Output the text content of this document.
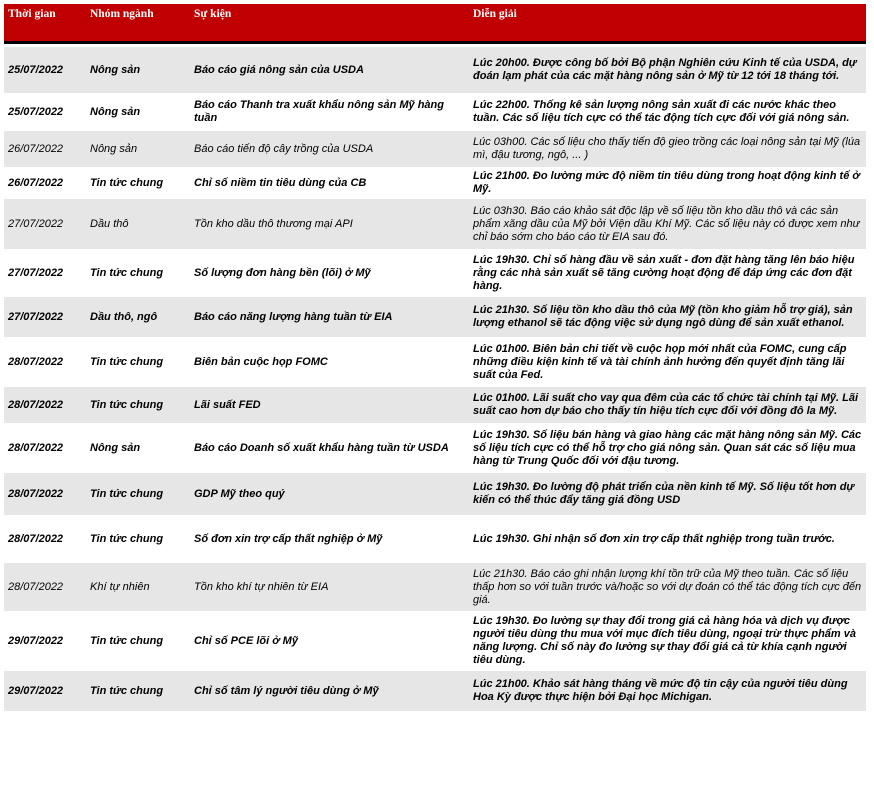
Thời gian	Nhóm ngành	Sự kiện	Diễn giải

25/07/2022	Nông sản	Báo cáo giá nông sản của USDA	Lúc 20h00. Được công bố bởi Bộ phận Nghiên cứu Kinh tế của USDA, dự đoán lạm phát của các mặt hàng nông sản ở Mỹ từ 12 tới 18 tháng tới.
25/07/2022	Nông sản	Báo cáo Thanh tra xuất khẩu nông sản Mỹ hàng tuần	Lúc 22h00. Thống kê sản lượng nông sản xuất đi các nước khác theo tuần. Các số liệu tích cực có thể tác động tích cực đối với giá nông sản.
26/07/2022	Nông sản	Báo cáo tiến độ cây trồng của USDA	Lúc 03h00. Các số liệu cho thấy tiến độ gieo trồng các loại nông sản tại Mỹ (lúa mì, đậu tương, ngô, ... )
26/07/2022	Tin tức chung	Chỉ số niềm tin tiêu dùng của CB	Lúc 21h00. Đo lường mức độ niềm tin tiêu dùng trong hoạt động kinh tế ở Mỹ.
27/07/2022	Dầu thô	Tồn kho dầu thô thương mại API	Lúc 03h30. Báo cáo khảo sát độc lập về số liệu tồn kho dầu thô và các sản phẩm xăng dầu của Mỹ bởi Viện dầu Khí Mỹ. Các số liệu này có được xem như chỉ báo sớm cho báo cáo từ EIA sau đó.
27/07/2022	Tin tức chung	Số lượng đơn hàng bền (lõi) ở Mỹ	Lúc 19h30. Chỉ số hàng đầu về sản xuất - đơn đặt hàng tăng lên báo hiệu rằng các nhà sản xuất sẽ tăng cường hoạt động để đáp ứng các đơn đặt hàng.
27/07/2022	Dầu thô, ngô	Báo cáo năng lượng hàng tuần từ EIA	Lúc 21h30. Số liệu tồn kho dầu thô của Mỹ (tồn kho giảm hỗ trợ giá), sản lượng ethanol sẽ tác động việc sử dụng ngô dùng để sản xuất ethanol.
28/07/2022	Tin tức chung	Biên bản cuộc họp FOMC	Lúc 01h00. Biên bản chi tiết về cuộc họp mới nhất của FOMC, cung cấp những điều kiện kinh tế và tài chính ảnh hưởng đến quyết định tăng lãi suất của Fed.
28/07/2022	Tin tức chung	Lãi suất FED	Lúc 01h00. Lãi suất cho vay qua đêm của các tổ chức tài chính tại Mỹ. Lãi suất cao hơn dự báo cho thấy tín hiệu tích cực đối với đồng đô la Mỹ.
28/07/2022	Nông sản	Báo cáo Doanh số xuất khẩu hàng tuần từ USDA	Lúc 19h30. Số liệu bán hàng và giao hàng các mặt hàng nông sản Mỹ. Các số liệu tích cực có thể hỗ trợ cho giá nông sản. Quan sát các số liệu mua hàng từ Trung Quốc đối với đậu tương.
28/07/2022	Tin tức chung	GDP Mỹ theo quý	Lúc 19h30. Đo lường độ phát triển của nền kinh tế Mỹ. Số liệu tốt hơn dự kiến có thể thúc đẩy tăng giá đồng USD
28/07/2022	Tin tức chung	Số đơn xin trợ cấp thất nghiệp ở Mỹ	Lúc 19h30. Ghi nhận số đơn xin trợ cấp thất nghiệp trong tuần trước.
28/07/2022	Khí tự nhiên	Tồn kho khí tự nhiên từ EIA	Lúc 21h30. Báo cáo ghi nhận lượng khí tồn trữ của Mỹ theo tuần. Các số liệu thấp hơn so với tuần trước và/hoặc so với dự đoán có thể tác động tích cực đến giá.
29/07/2022	Tin tức chung	Chỉ số PCE lõi ở Mỹ	Lúc 19h30. Đo lường sự thay đổi trong giá cả hàng hóa và dịch vụ được người tiêu dùng thu mua với mục đích tiêu dùng, ngoại trừ thực phẩm và năng lượng. Chỉ số này đo lường sự thay đổi giá cả từ khía cạnh người tiêu dùng.
29/07/2022	Tin tức chung	Chỉ số tâm lý người tiêu dùng ở Mỹ	Lúc 21h00. Khảo sát hàng tháng về mức độ tin cậy của người tiêu dùng Hoa Kỳ được thực hiện bởi Đại học Michigan.
